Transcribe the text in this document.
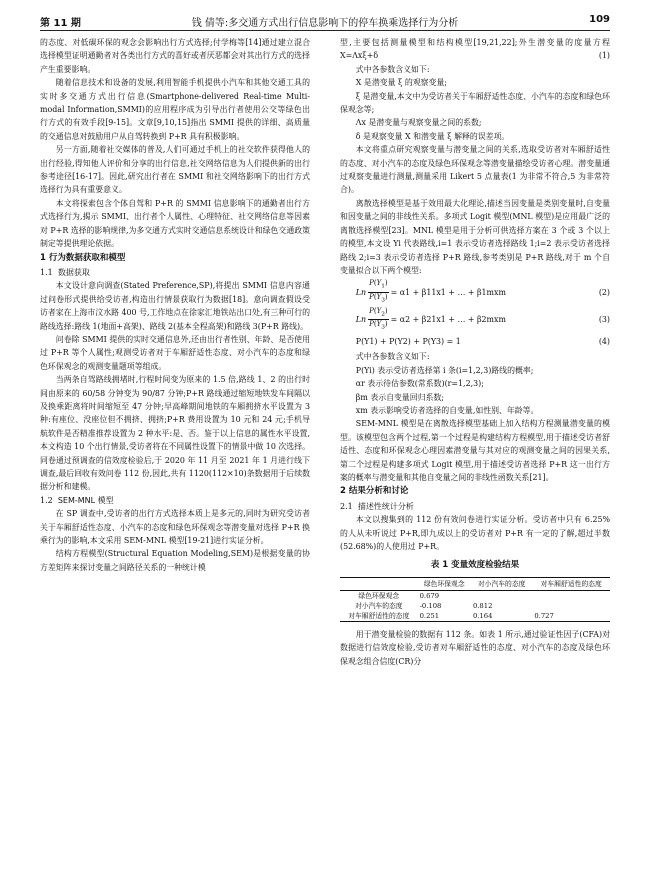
第 11 期	钱 倩等:多交通方式出行信息影响下的停车换乘选择行为分析	109

的态度、对低碳环保的观念会影响出行方式选择;付学梅等[14]通过建立混合选择模型证明通勤者对各类出行方式的喜好或者厌恶都会对其出行方式的选择产生重要影响。

随着信息技术和设备的发展,利用智能手机提供小汽车和其他交通工具的实时多交通方式出行信息(Smartphone-delivered Real-time Multi-modal Information,SMMI)的应用程序成为引导出行者使用公交等绿色出行方式的有效手段[9-15]。文章[9,10,15]指出 SMMI 提供的详细、高质量的交通信息对鼓励用户从自驾转换到 P+R 具有积极影响。

另一方面,随着社交媒体的普及,人们可通过手机上的社交软件获得他人的出行经验,得知他人评价和分享的出行信息,社交网络信息为人们提供新的出行参考途径[16-17]。因此,研究出行者在 SMMI 和社交网络影响下的出行方式选择行为具有重要意义。

本文将探索包含个体自驾和 P+R 的 SMMI 信息影响下的通勤者出行方式选择行为,揭示 SMMI、出行者个人属性、心理特征、社交网络信息等因素对 P+R 选择的影响规律,为多交通方式实时交通信息系统设计和绿色交通政策制定等提供理论依据。

1 行为数据获取和模型
1.1 数据获取

本文设计意向调查(Stated Preference,SP),将提出 SMMI 信息内容通过问卷形式提供给受访者,构造出行情景获取行为数据[18]。意向调查假设受访者家在上海市汶水路 400 号,工作地点在徐家汇地铁站出口处,有三种可行的路线选择:路线 1(地面+高架)、路线 2(基本全程高架)和路线 3(P+R 路线)。

问卷除 SMMI 提供的实时交通信息外,还由出行者性别、年龄、是否使用过 P+R 等个人属性;观测受访者对于车厢舒适性态度、对小汽车的态度和绿色环保观念的观测变量题项等组成。

当两条自驾路线拥堵时,行程时间变为原来的 1.5 倍,路线 1、2 的出行时间由原来的 60/58 分钟变为 90/87 分钟;P+R 路线通过缩短地铁发车间隔以及换乘距离将时间缩短至 47 分钟;早高峰期间地铁的车厢拥挤水平设置为 3 种:有座位、没座位但不拥挤、拥挤;P+R 费用设置为 10 元和 24 元;手机导航软件是否精准推荐设置为 2 种水平:是、否。鉴于以上信息的属性水平设置,本文构造 10 个出行情景,受访者将在不同属性设置下的情景中做 10 次选择。同卷通过预调查的信效度检验后,于 2020 年 11 月至 2021 年 1 月进行线下调查,最后回收有效问卷 112 份,因此,共有 1120(112×10)条数据用于后续数据分析和建模。

1.2 SEM-MNL 模型

在 SP 调查中,受访者的出行方式选择本质上是多元的,同时为研究受访者关于车厢舒适性态度、小汽车的态度和绿色环保观念等潜变量对选择 P+R 换乘行为的影响,本文采用 SEM-MNL 模型[19-21]进行实证分析。

结构方程模型(Structural Equation Modeling,SEM)是根据变量的协方差矩阵来探讨变量之间路径关系的一种统计模

型,主要包括测量模型和结构模型[19,21,22];外生潜变量的度量方程 X=Λxξ+δ	(1)

式中各参数含义如下:

X 是潜变量 ξ 的观察变量;

ξ 是潜变量,本文中为受访者关于车厢舒适性态度、小汽车的态度和绿色环保观念等;

Λx 是潜变量与观察变量之间的系数;

δ 是观察变量 X 和潜变量 ξ 解释的误差项。

本文将重点研究观察变量与潜变量之间的关系,选取受访者对车厢舒适性的态度、对小汽车的态度及绿色环保观念等潜变量描绘受访者心理。潜变量通过观察变量进行测量,测量采用 Likert 5 点量表(1 为非常不符合,5 为非常符合)。

离散选择模型是基于效用最大化理论,描述当因变量是类别变量时,自变量和因变量之间的非线性关系。多项式 Logit 模型(MNL 模型)是应用最广泛的离散选择模型[23]。MNL 模型是用于分析可供选择方案在 3 个或 3 个以上的模型,本文设 Yi 代表路线,i=1 表示受访者选择路线 1;i=2 表示受访者选择路线 2;i=3 表示受访者选择 P+R 路线,参考类别是 P+R 路线,对于 m 个自变量拟合以下两个模型:

Ln $\frac{P(Y_1)}{P(Y_3)} = \alpha 1 + \beta 11x1$ + … + β1mxm	(2)
Ln $\frac{P(Y_2)}{P(Y_3)} = \alpha 2 + \beta 21x1$ + … + β2mxm	(3)
P(Y1) + P(Y2) + P(Y3) = 1	(4)

式中各参数含义如下:

P(Yi) 表示受访者选择第 i 条(i=1,2,3)路线的概率;

αr 表示待估参数(常系数)(r=1,2,3);

βm 表示自变量回归系数;

xm 表示影响受访者选择的自变量,如性别、年龄等。

SEM-MNL 模型是在离散选择模型基础上加入结构方程测量潜变量的模型。该模型包含两个过程,第一个过程是构建结构方程模型,用于描述受访者舒适性、态度和环保观念心理因素潜变量与其对应的观测变量之间的因果关系,第二个过程是构建多项式 Logit 模型,用于描述受访者选择 P+R 这一出行方案的概率与潜变量和其他自变量之间的非线性函数关系[21]。

2 结果分析和讨论
2.1 描述性统计分析

本文以搜集到的 112 份有效问卷进行实证分析。受访者中只有 6.25% 的人从未听说过 P+R,即九成以上的受访者对 P+R 有一定的了解,超过半数(52.68%)的人使用过 P+R。

表 1 变量效度检验结果
	绿色环保观念	对小汽车的态度	对车厢舒适性的态度
绿色环保观念	0.679		
对小汽车的态度	-0.108	0.812	
对车厢舒适性的态度	0.251	0.164	0.727

用于潜变量检验的数据有 112 条。如表 1 所示,通过验证性因子(CFA)对数据进行信效度检验,受访者对车厢舒适性的态度、对小汽车的态度及绿色环保观念组合信度(CR)分
